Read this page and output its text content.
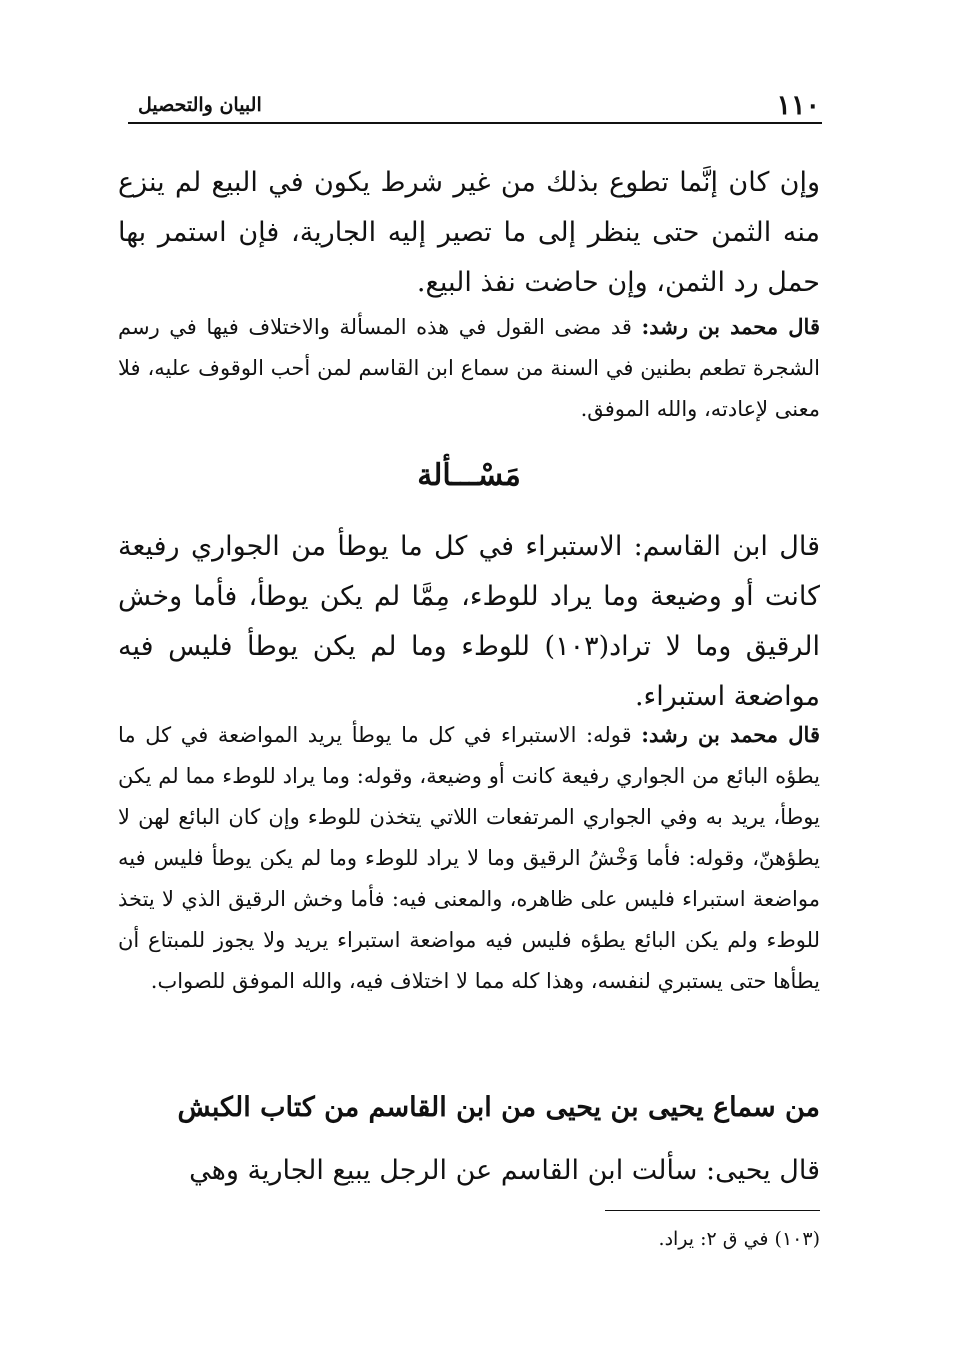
١١٠
البيان والتحصيل
وإن كان إنَّما تطوع بذلك من غير شرط يكون في البيع لم ينزع منه الثمن حتى ينظر إلى ما تصير إليه الجارية، فإن استمر بها حمل رد الثمن، وإن حاضت نفذ البيع.
قال محمد بن رشد: قد مضى القول في هذه المسألة والاختلاف فيها في رسم الشجرة تطعم بطنين في السنة من سماع ابن القاسم لمن أحب الوقوف عليه، فلا معنى لإعادته، والله الموفق.
مَسْـــألة
قال ابن القاسم: الاستبراء في كل ما يوطأ من الجواري رفيعة كانت أو وضيعة وما يراد للوطء، مِمَّا لم يكن يوطأ، فأما وخش الرقيق وما لا تراد(١٠٣) للوطء وما لم يكن يوطأ فليس فيه مواضعة استبراء.
قال محمد بن رشد: قوله: الاستبراء في كل ما يوطأ يريد المواضعة في كل ما يطؤه البائع من الجواري رفيعة كانت أو وضيعة، وقوله: وما يراد للوطء مما لم يكن يوطأ، يريد به وفي الجواري المرتفعات اللاتي يتخذن للوطء وإن كان البائع لهن لا يطؤهنّ، وقوله: فأما وَخْشُ الرقيق وما لا يراد للوطء وما لم يكن يوطأ فليس فيه مواضعة استبراء فليس على ظاهره، والمعنى فيه: فأما وخش الرقيق الذي لا يتخذ للوطء ولم يكن البائع يطؤه فليس فيه مواضعة استبراء يريد ولا يجوز للمبتاع أن يطأها حتى يستبري لنفسه، وهذا كله مما لا اختلاف فيه، والله الموفق للصواب.
من سماع يحيى بن يحيى من ابن القاسم من كتاب الكبش
قال يحيى: سألت ابن القاسم عن الرجل يبيع الجارية وهي
(١٠٣) في ق ٢: يراد.
